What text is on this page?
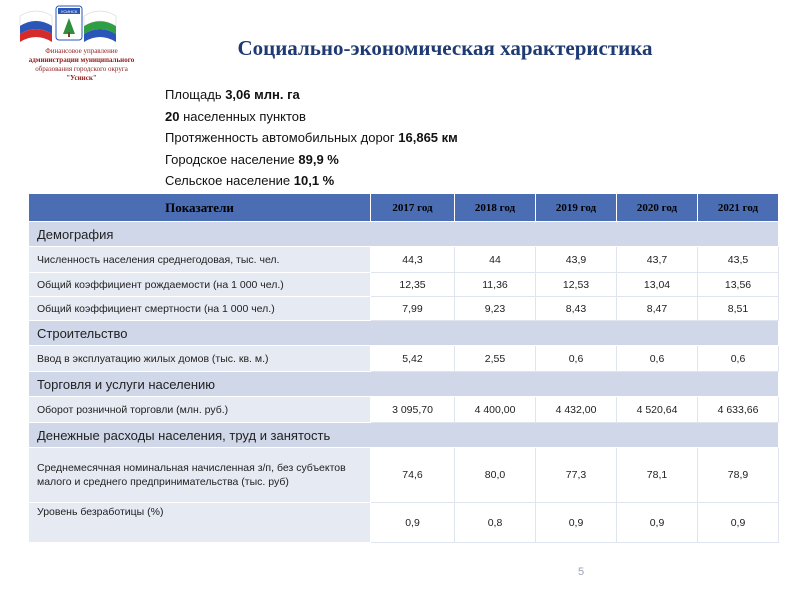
УСИНСК
Финансовое управление
администрации муниципального
образования городского округа
"Усинск"
Социально-экономическая характеристика
Площадь 3,06 млн. га
20 населенных пунктов
Протяженность автомобильных дорог 16,865 км
Городское население 89,9 %
Сельское население 10,1 %
Показатели	2017 год	2018 год	2019 год	2020 год	2021 год
Демография					
Численность населения среднегодовая, тыс. чел.	44,3	44	43,9	43,7	43,5
Общий коэффициент рождаемости (на 1 000 чел.)	12,35	11,36	12,53	13,04	13,56
Общий коэффициент смертности (на 1 000 чел.)	7,99	9,23	8,43	8,47	8,51
Строительство					
Ввод в эксплуатацию жилых домов (тыс. кв. м.)	5,42	2,55	0,6	0,6	0,6
Торговля и услуги населению					
Оборот розничной торговли (млн. руб.)	3 095,70	4 400,00	4 432,00	4 520,64	4 633,66
Денежные расходы населения, труд и занятость					
Среднемесячная номинальная начисленная з/п, без субъектов малого и среднего предпринимательства (тыс. руб)	74,6	80,0	77,3	78,1	78,9
Уровень безработицы (%)	0,9	0,8	0,9	0,9	0,9
5
